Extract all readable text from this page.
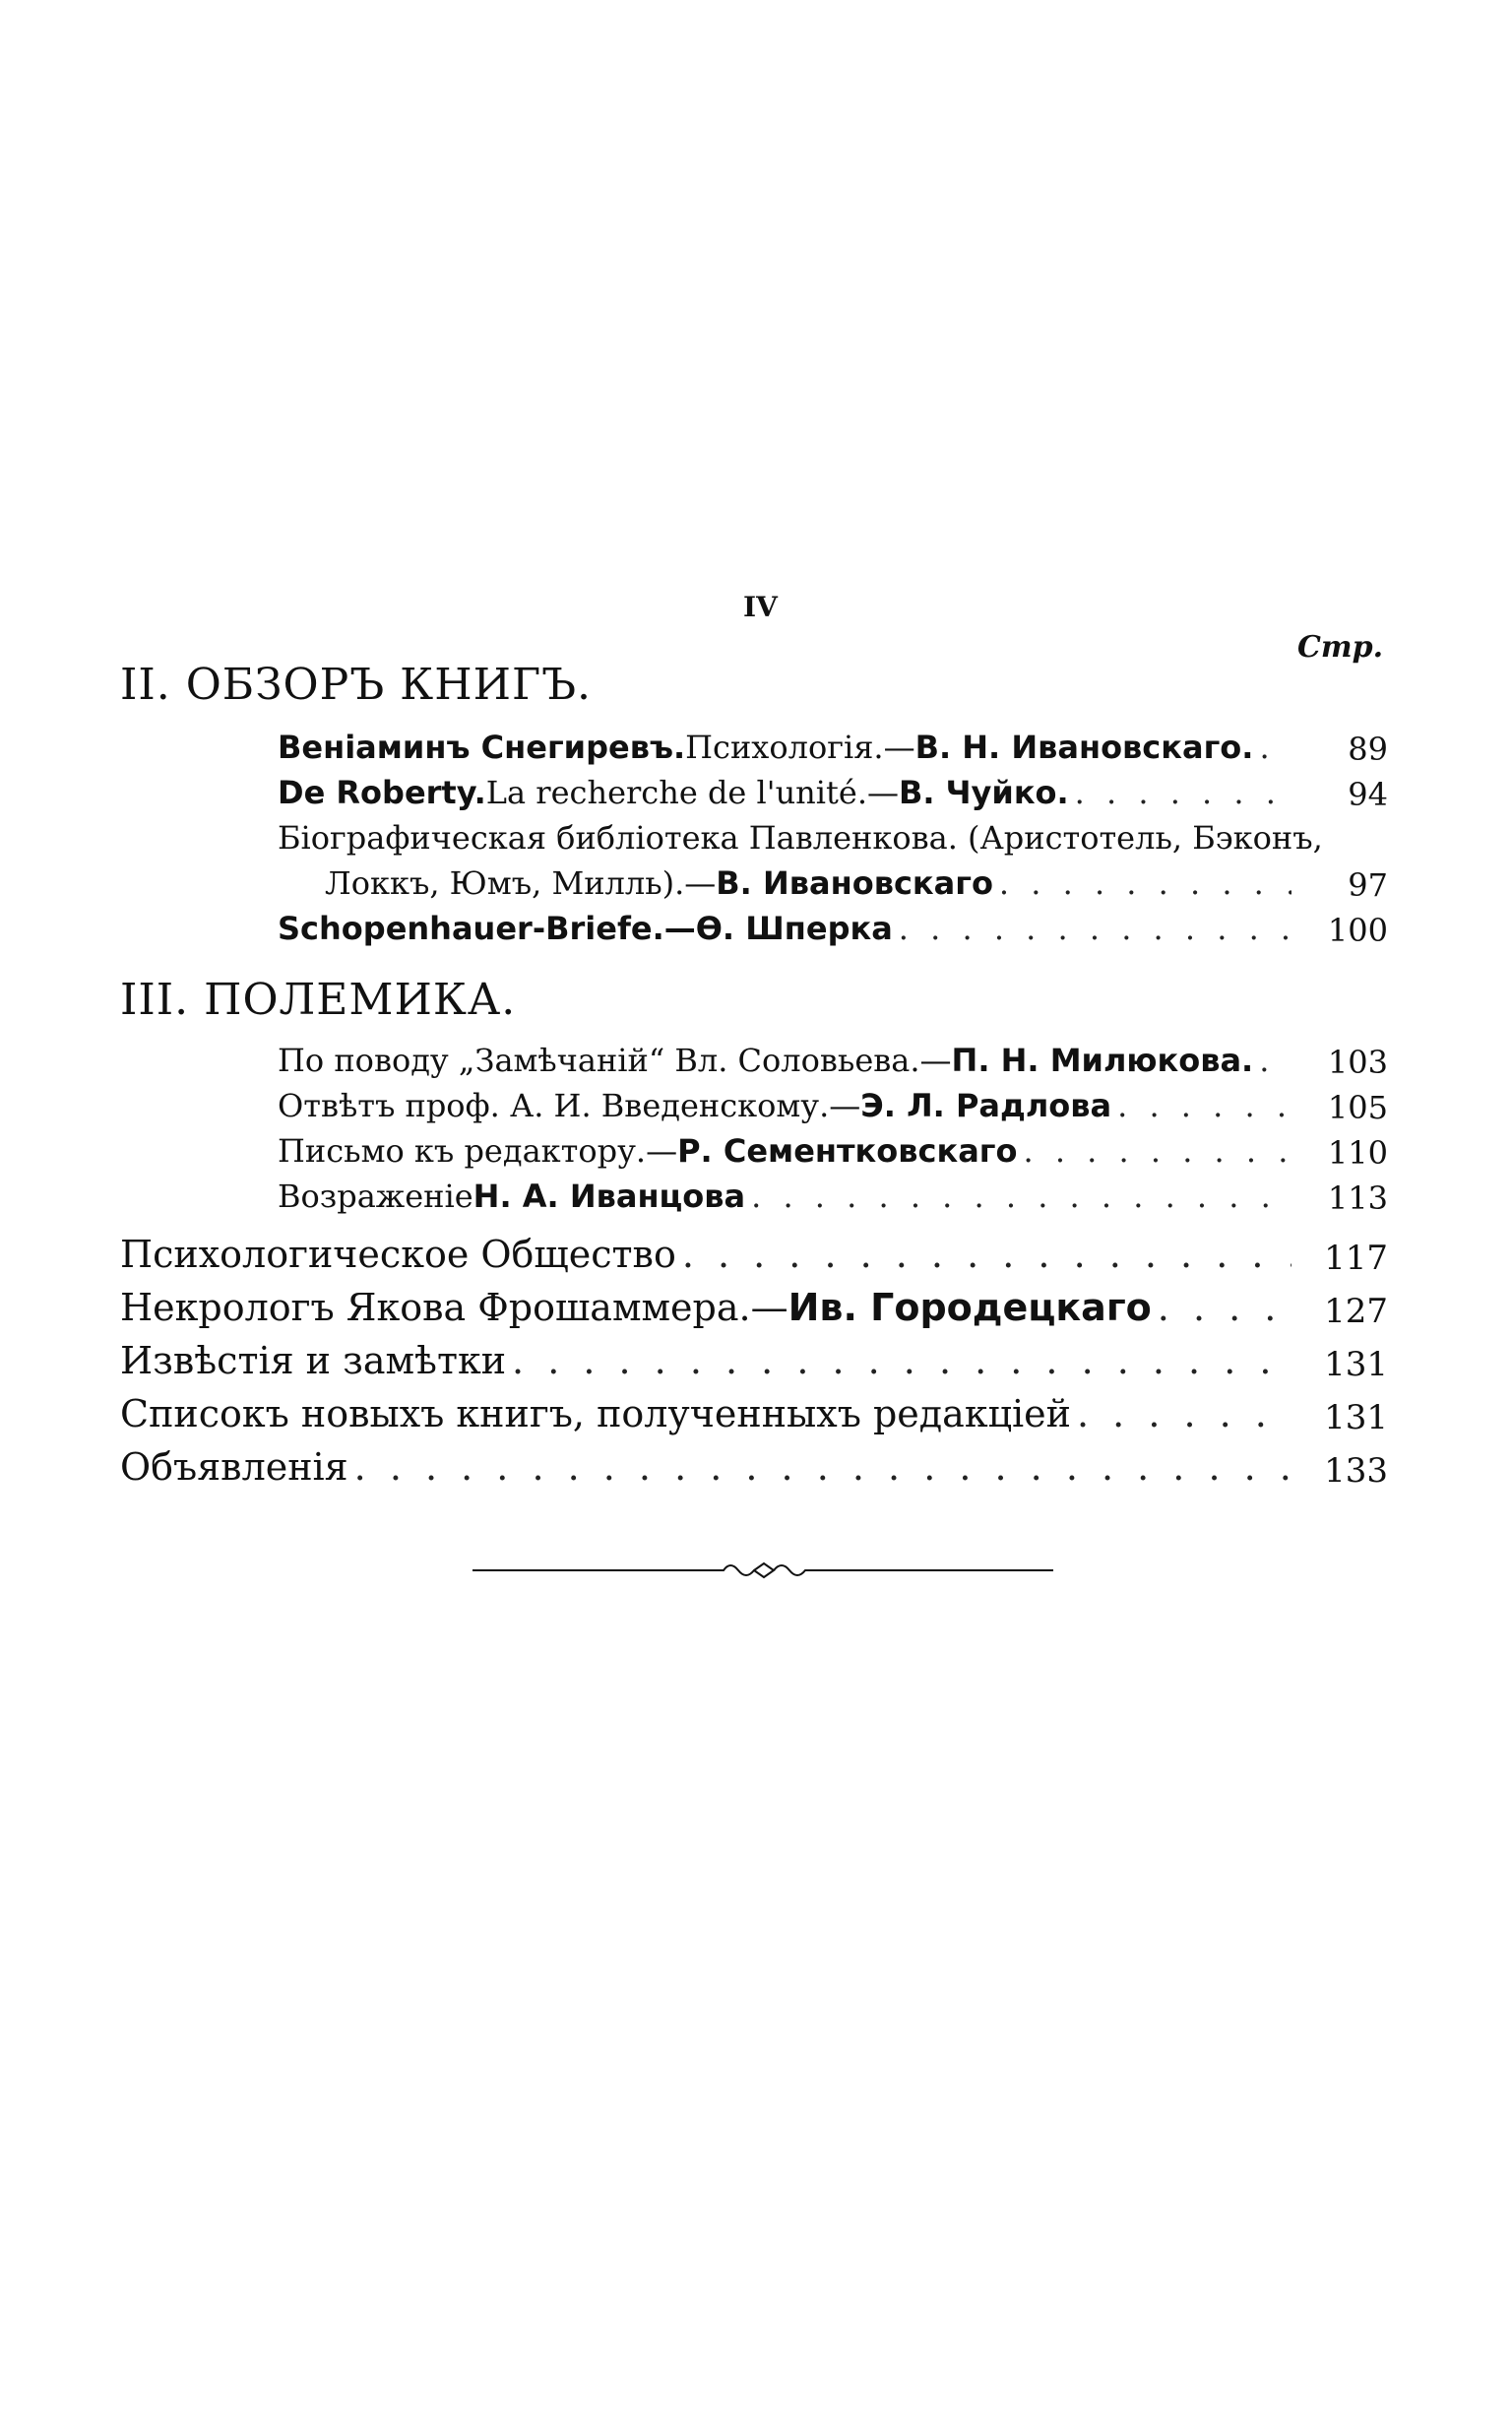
IV
Стр.
II. ОБЗОРЪ КНИГЪ.
Веніаминъ Снегиревъ. Психологія.— В. Н. Ивановскаго. . . .	89
De Roberty. La recherche de l'unité.— В. Чуйко. . . .	94
Біографическая библіотека Павленкова. (Аристотель, Бэконъ,
Локкъ, Юмъ, Милль).— В. Ивановскаго . . .	97
Schopenhauer-Briefe.—Ѳ. Шперка . . .	100
III. ПОЛЕМИКА.
По поводу „Замѣчаній“ Вл. Соловьева.— П. Н. Милюкова. . . .	103
Отвѣтъ проф. А. И. Введенскому.— Э. Л. Радлова . . .	105
Письмо къ редактору.— Р. Сементковскаго . . .	110
Возраженіе Н. А. Иванцова . . .	113
Психологическое Общество . . .	117
Некрологъ Якова Фрошаммера.— Ив. Городецкаго . . .	127
Извѣстія и замѣтки . . .	131
Списокъ новыхъ книгъ, полученныхъ редакціей . . .	131
Объявленія . . .	133
